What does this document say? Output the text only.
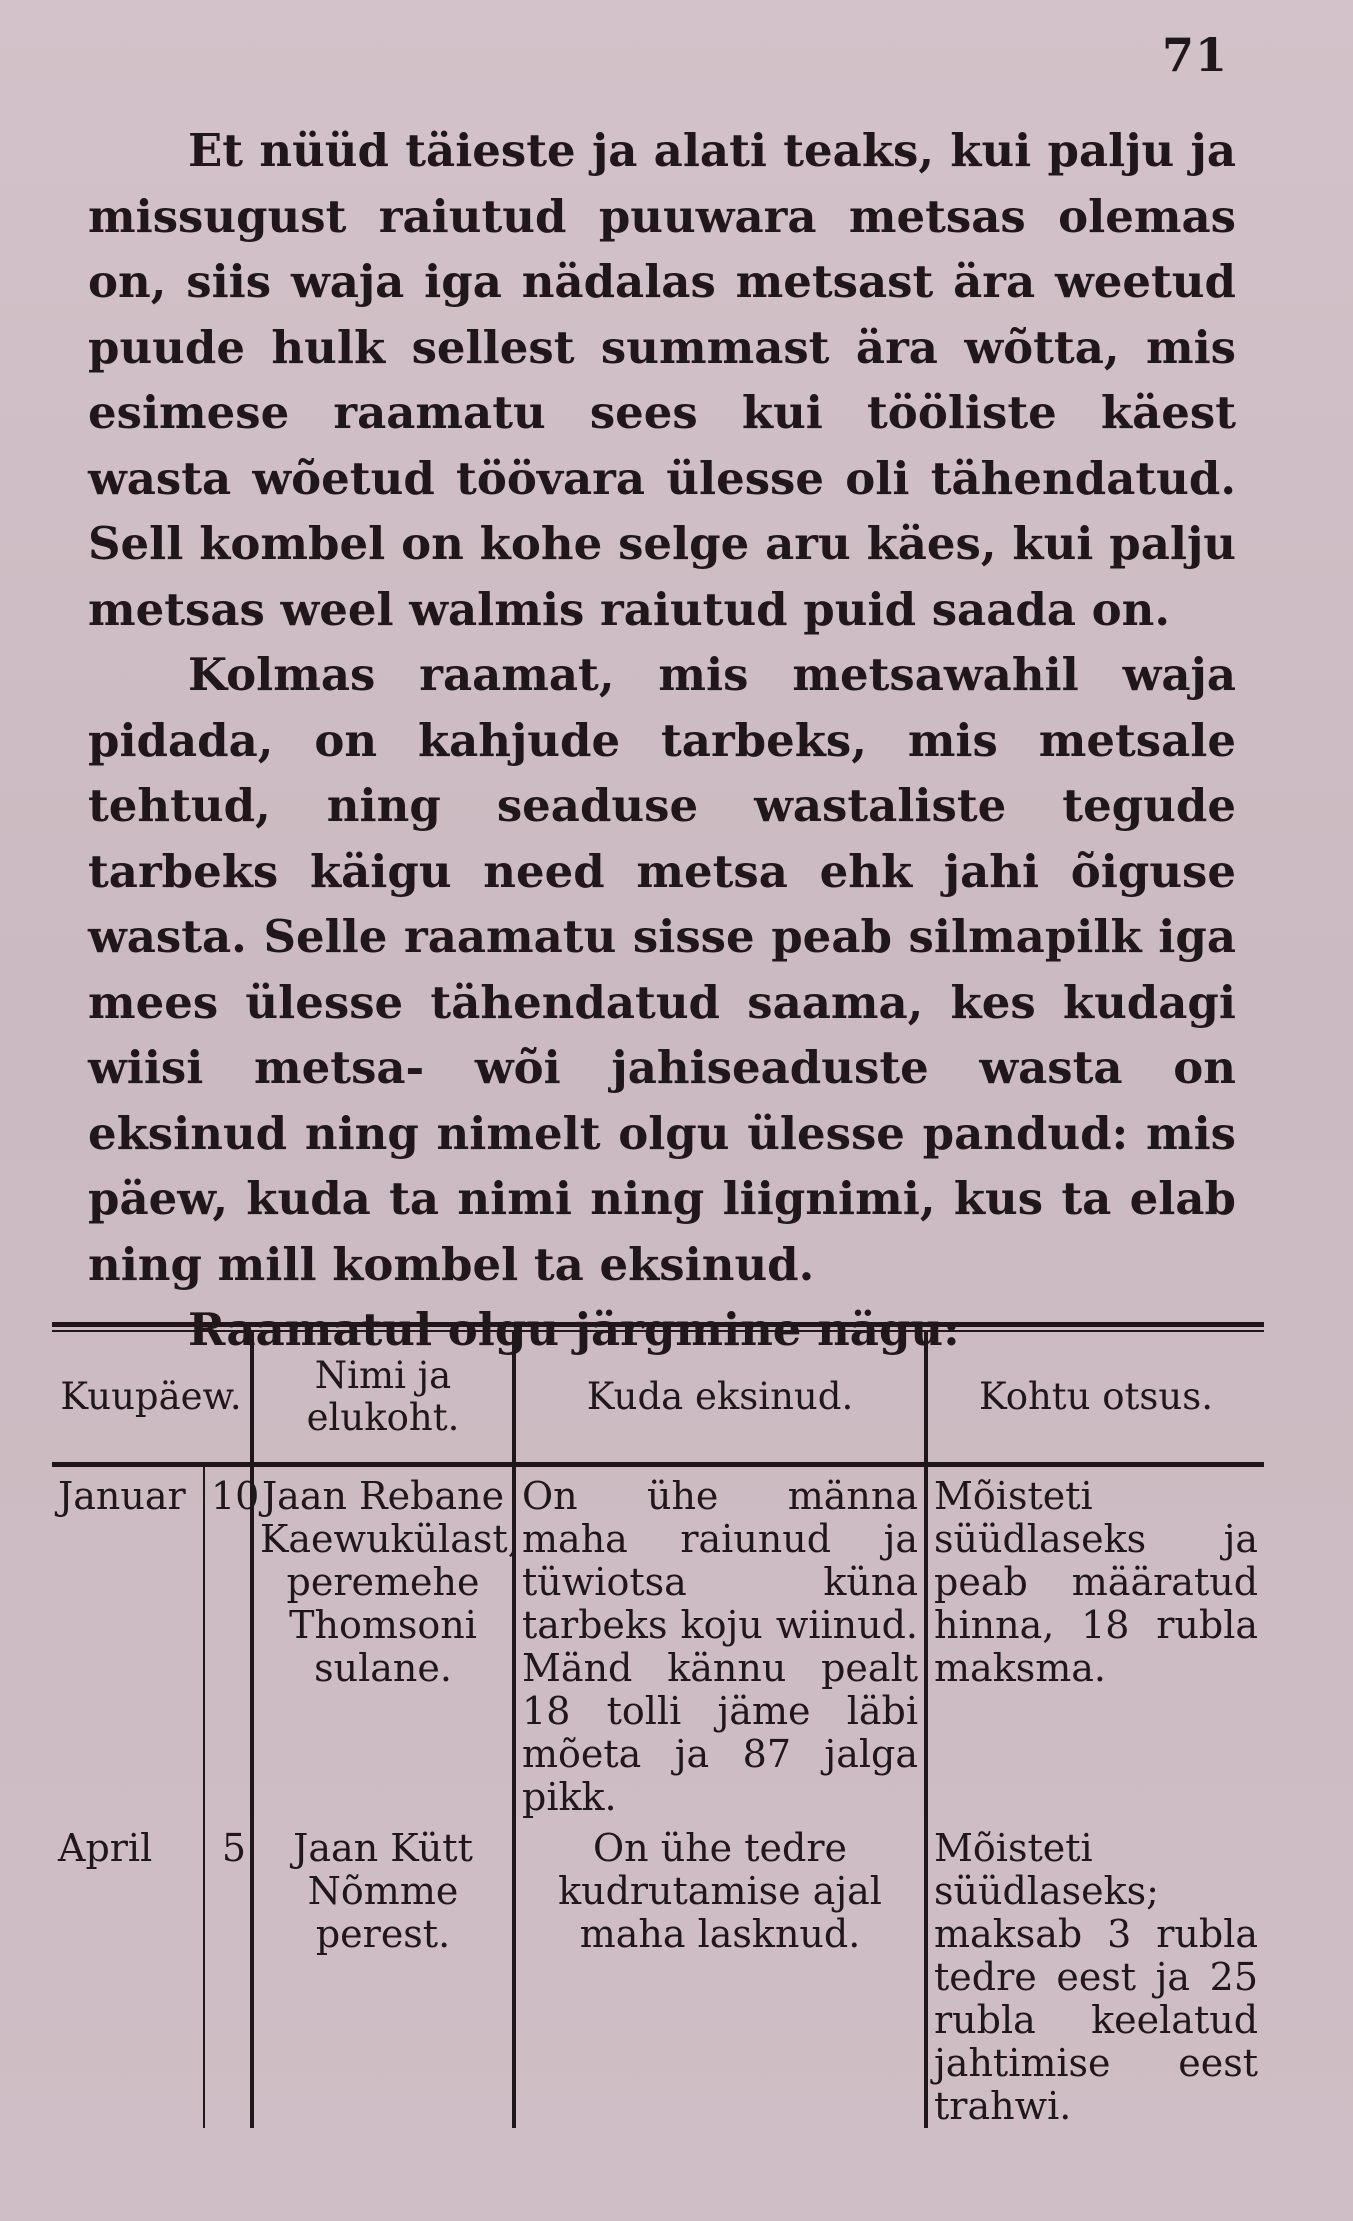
71

Et nüüd täieste ja alati teaks, kui palju ja missugust raiutud puuwara metsas olemas on, siis waja iga nädalas metsast ära weetud puude hulk sellest summast ära wõtta, mis esimese raamatu sees kui tööliste käest wasta wõetud töövara ülesse oli tähendatud. Sell kombel on kohe selge aru käes, kui palju metsas weel walmis raiutud puid saada on.

Kolmas raamat, mis metsawahil waja pidada, on kahjude tarbeks, mis metsale tehtud, ning seaduse wastaliste tegude tarbeks käigu need metsa ehk jahi õiguse wasta. Selle raamatu sisse peab silmapilk iga mees ülesse tähendatud saama, kes kudagi wiisi metsa- wõi jahiseaduste wasta on eksinud ning nimelt olgu ülesse pandud: mis päew, kuda ta nimi ning liignimi, kus ta elab ning mill kombel ta eksinud.

Raamatul olgu järgmine nägu:

Kuupäew.		Nimi ja elukoht.	Kuda eksinud.	Kohtu otsus.

Januar	10	Jaan Rebane Kaewukülast, peremehe Thomsoni sulane.	On ühe männa maha raiunud ja tüwiotsa küna tarbeks koju wiinud. Mänd kännu pealt 18 tolli jäme läbi mõeta ja 87 jalga pikk.	Mõisteti süüdlaseks ja peab määratud hinna, 18 rubla maksma.
April	5	Jaan Kütt Nõmme perest.	On ühe tedre kudrutamise ajal maha lasknud.	Mõisteti süüdlaseks; maksab 3 rubla tedre eest ja 25 rubla keelatud jahtimise eest trahwi.
